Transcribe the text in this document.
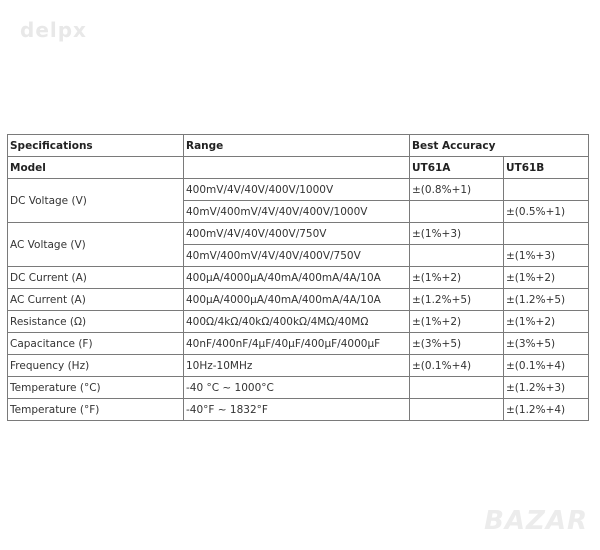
delpx
Specifications	Range	Best Accuracy	
Model		UT61A	UT61B
DC Voltage (V)	400mV/4V/40V/400V/1000V	±(0.8%+1)	
	40mV/400mV/4V/40V/400V/1000V		±(0.5%+1)
AC Voltage (V)	400mV/4V/40V/400V/750V	±(1%+3)	
	40mV/400mV/4V/40V/400V/750V		±(1%+3)
DC Current (A)	400µA/4000µA/40mA/400mA/4A/10A	±(1%+2)	±(1%+2)
AC Current (A)	400µA/4000µA/40mA/400mA/4A/10A	±(1.2%+5)	±(1.2%+5)
Resistance (Ω)	400Ω/4kΩ/40kΩ/400kΩ/4MΩ/40MΩ	±(1%+2)	±(1%+2)
Capacitance (F)	40nF/400nF/4µF/40µF/400µF/4000µF	±(3%+5)	±(3%+5)
Frequency (Hz)	10Hz-10MHz	±(0.1%+4)	±(0.1%+4)
Temperature (°C)	-40 °C ~ 1000°C		±(1.2%+3)
Temperature (°F)	-40°F ~ 1832°F		±(1.2%+4)
BAZAR
